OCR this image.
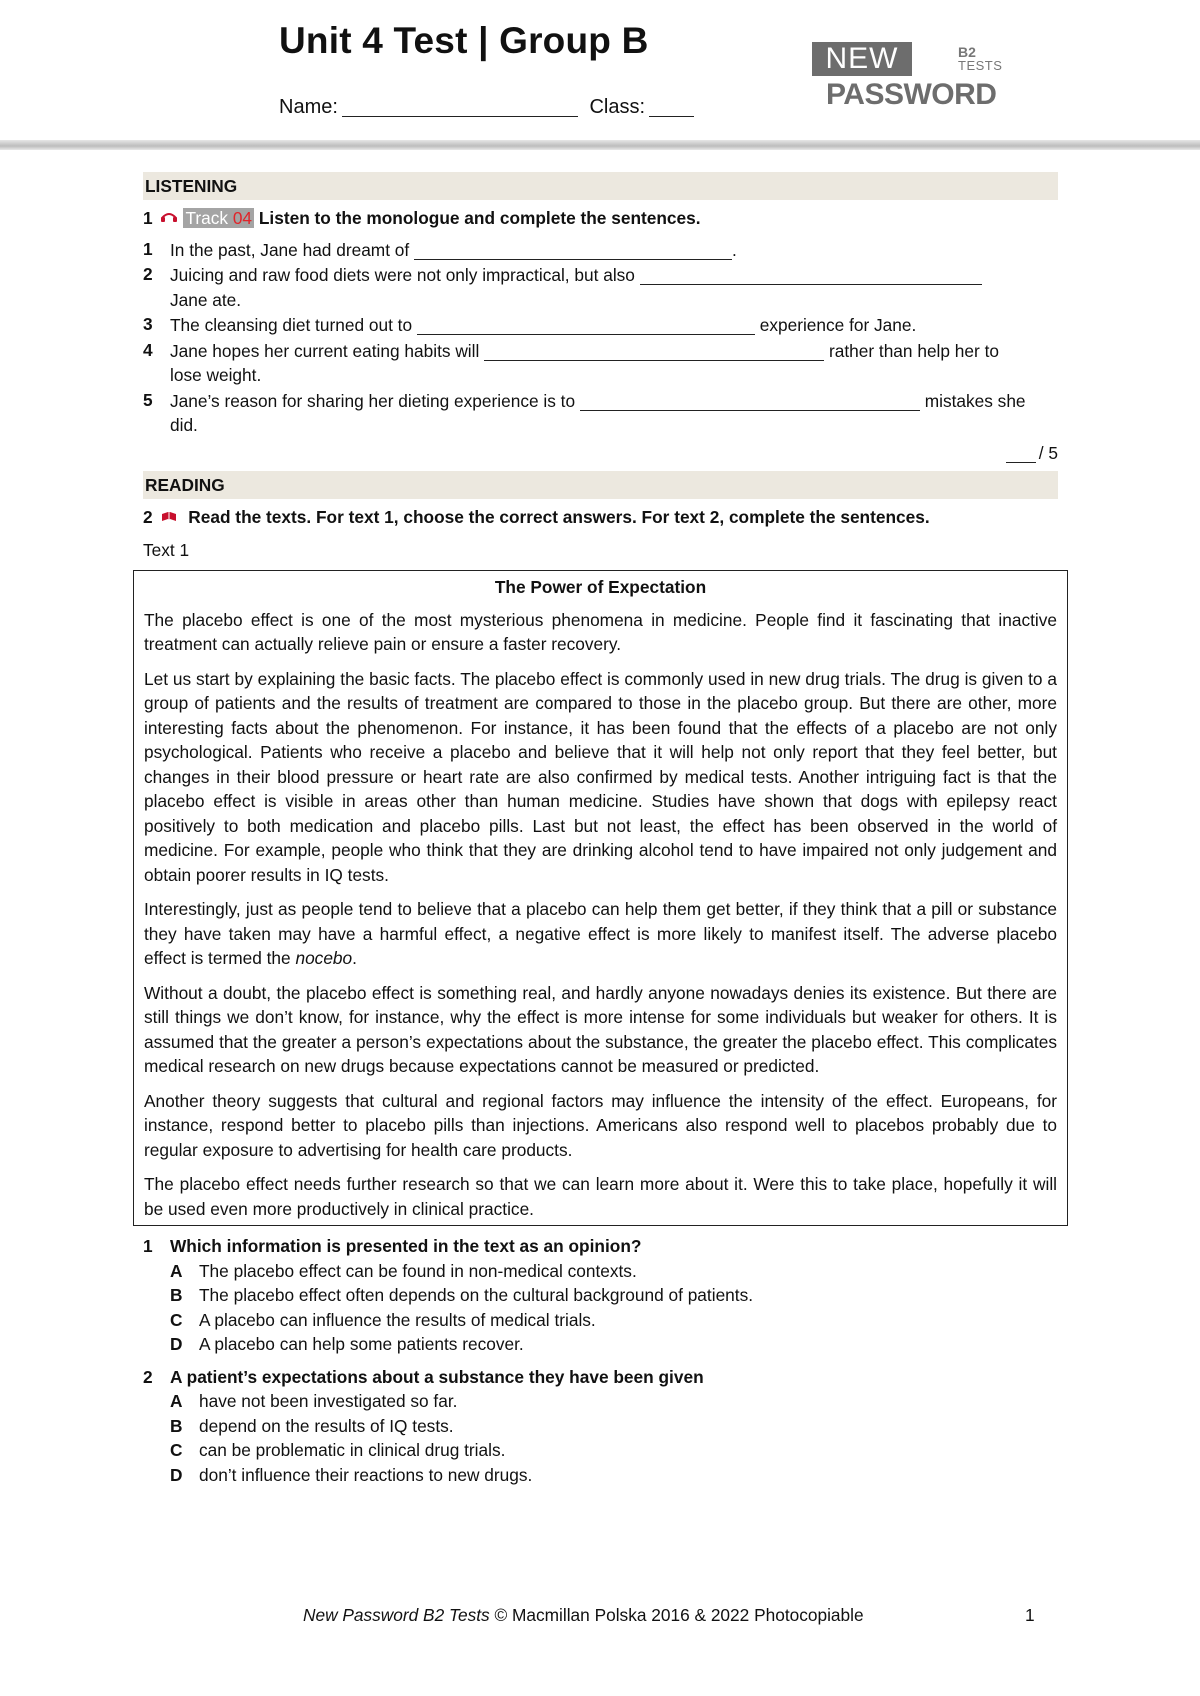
Unit 4 Test | Group B
Name:	Class:
NEW	B2
TESTS
PASSWORD
LISTENING
1 Track 04 Listen to the monologue and complete the sentences.
1	In the past, Jane had dreamt of	.
2	Juicing and raw food diets were not only impractical, but also
Jane ate.
3	The cleansing diet turned out to	experience for Jane.
4	Jane hopes her current eating habits will	rather than help her to lose weight.
5	Jane’s reason for sharing her dieting experience is to	mistakes she did.
/ 5
READING
2 Read the texts. For text 1, choose the correct answers. For text 2, complete the sentences.
Text 1
The Power of Expectation

The placebo effect is one of the most mysterious phenomena in medicine. People find it fascinating that inactive treatment can actually relieve pain or ensure a faster recovery.

Let us start by explaining the basic facts. The placebo effect is commonly used in new drug trials. The drug is given to a group of patients and the results of treatment are compared to those in the placebo group. But there are other, more interesting facts about the phenomenon. For instance, it has been found that the effects of a placebo are not only psychological. Patients who receive a placebo and believe that it will help not only report that they feel better, but changes in their blood pressure or heart rate are also confirmed by medical tests. Another intriguing fact is that the placebo effect is visible in areas other than human medicine. Studies have shown that dogs with epilepsy react positively to both medication and placebo pills. Last but not least, the effect has been observed in the world of medicine. For example, people who think that they are drinking alcohol tend to have impaired not only judgement and obtain poorer results in IQ tests.

Interestingly, just as people tend to believe that a placebo can help them get better, if they think that a pill or substance they have taken may have a harmful effect, a negative effect is more likely to manifest itself. The adverse placebo effect is termed the nocebo.

Without a doubt, the placebo effect is something real, and hardly anyone nowadays denies its existence. But there are still things we don’t know, for instance, why the effect is more intense for some individuals but weaker for others. It is assumed that the greater a person’s expectations about the substance, the greater the placebo effect. This complicates medical research on new drugs because expectations cannot be measured or predicted.

Another theory suggests that cultural and regional factors may influence the intensity of the effect. Europeans, for instance, respond better to placebo pills than injections. Americans also respond well to placebos probably due to regular exposure to advertising for health care products.

The placebo effect needs further research so that we can learn more about it. Were this to take place, hopefully it will be used even more productively in clinical practice.

1	Which information is presented in the text as an opinion?
A The placebo effect can be found in non-medical contexts.
B The placebo effect often depends on the cultural background of patients.
C A placebo can influence the results of medical trials.
D A placebo can help some patients recover.
2	A patient’s expectations about a substance they have been given
A have not been investigated so far.
B depend on the results of IQ tests.
C can be problematic in clinical drug trials.
D don’t influence their reactions to new drugs.
New Password B2 Tests © Macmillan Polska 2016 & 2022 Photocopiable	1
